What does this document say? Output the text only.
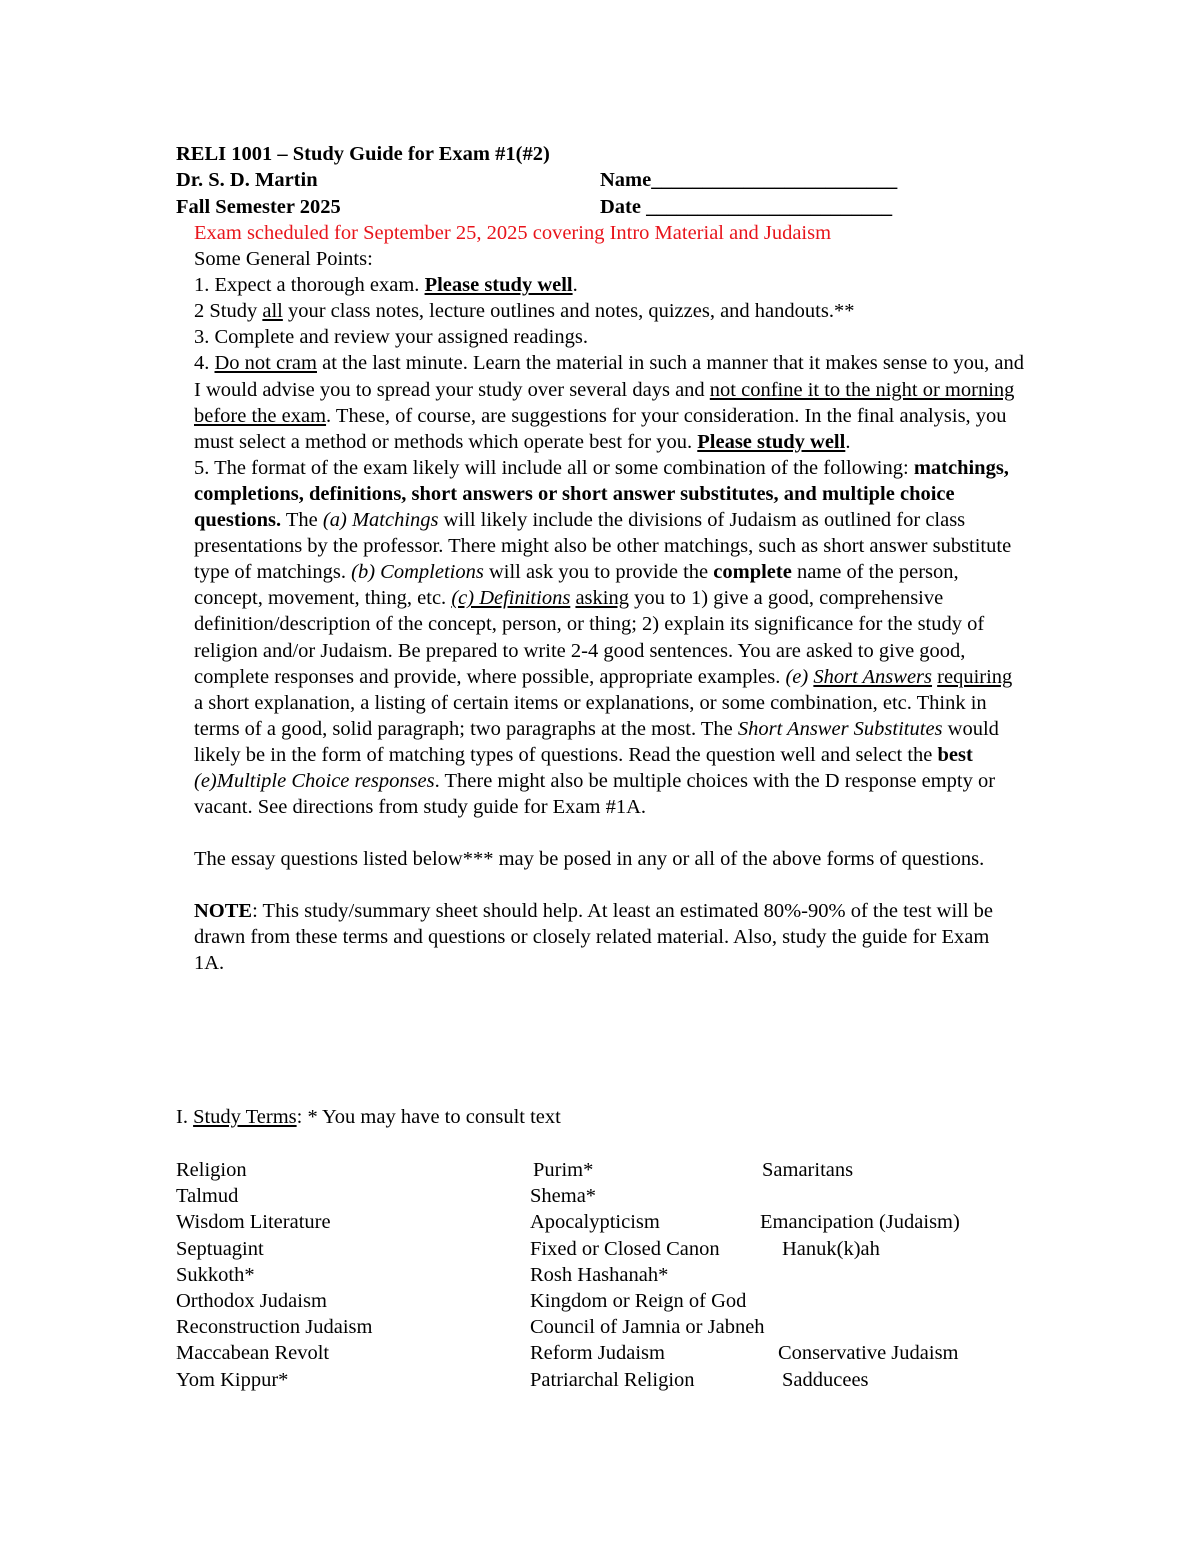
RELI 1001 – Study Guide for Exam #1(#2)
Dr. S. D. Martin	Name________________________
Fall Semester 2025	Date ________________________

Exam scheduled for September 25, 2025 covering Intro Material and Judaism

Some General Points:

1. Expect a thorough exam. Please study well.

2 Study all your class notes, lecture outlines and notes, quizzes, and handouts.**

3. Complete and review your assigned readings.

4. Do not cram at the last minute. Learn the material in such a manner that it makes sense to you, and I would advise you to spread your study over several days and not confine it to the night or morning before the exam. These, of course, are suggestions for your consideration. In the final analysis, you must select a method or methods which operate best for you. Please study well.

5. The format of the exam likely will include all or some combination of the following: matchings, completions, definitions, short answers or short answer substitutes, and multiple choice questions. The (a) Matchings will likely include the divisions of Judaism as outlined for class presentations by the professor. There might also be other matchings, such as short answer substitute type of matchings. (b) Completions will ask you to provide the complete name of the person, concept, movement, thing, etc. (c) Definitions asking you to 1) give a good, comprehensive definition/description of the concept, person, or thing; 2) explain its significance for the study of religion and/or Judaism. Be prepared to write 2-4 good sentences. You are asked to give good, complete responses and provide, where possible, appropriate examples. (e) Short Answers requiring a short explanation, a listing of certain items or explanations, or some combination, etc. Think in terms of a good, solid paragraph; two paragraphs at the most. The Short Answer Substitutes would likely be in the form of matching types of questions. Read the question well and select the best (e)Multiple Choice responses. There might also be multiple choices with the D response empty or vacant. See directions from study guide for Exam #1A.

The essay questions listed below*** may be posed in any or all of the above forms of questions.

NOTE: This study/summary sheet should help. At least an estimated 80%-90% of the test will be drawn from these terms and questions or closely related material. Also, study the guide for Exam 1A.

I. Study Terms: * You may have to consult text
Religion	Purim*	Samaritans
Talmud	Shema*
Wisdom Literature	Apocalypticism	Emancipation (Judaism)
Septuagint	Fixed or Closed Canon	Hanuk(k)ah
Sukkoth*	Rosh Hashanah*
Orthodox Judaism	Kingdom or Reign of God
Reconstruction Judaism	Council of Jamnia or Jabneh
Maccabean Revolt	Reform Judaism	Conservative Judaism
Yom Kippur*	Patriarchal Religion	Sadducees
